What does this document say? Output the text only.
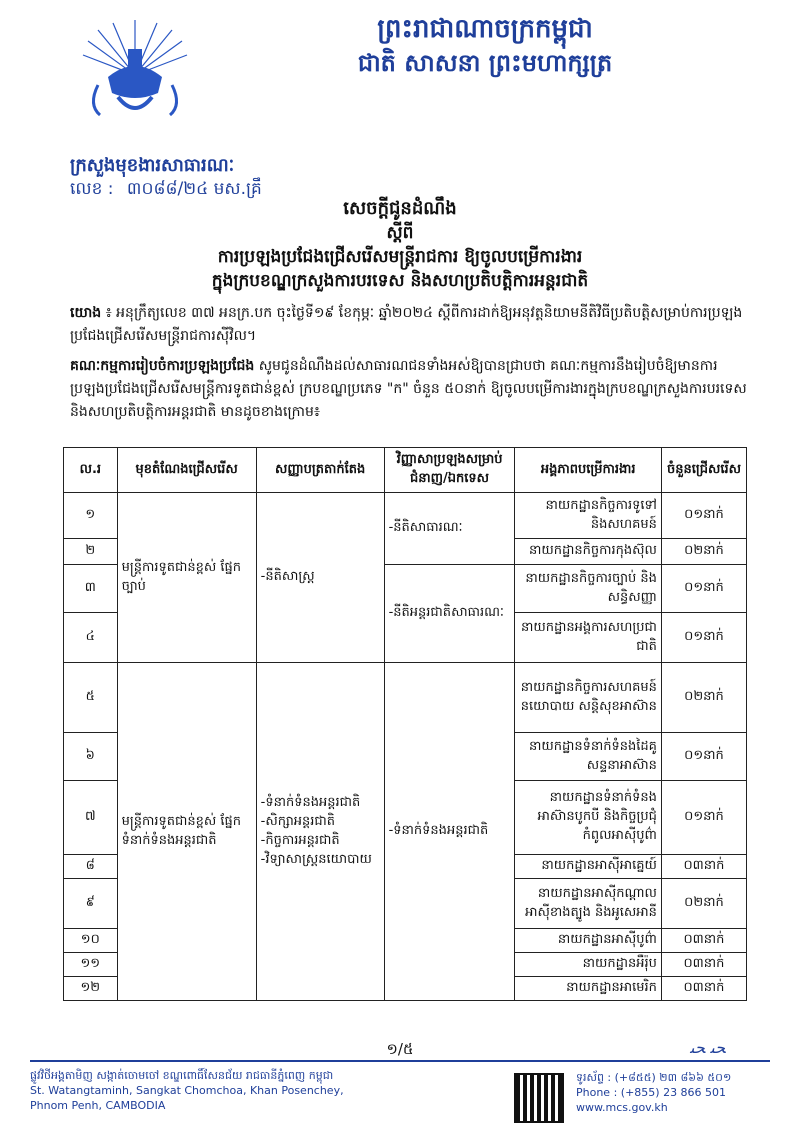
ព្រះរាជាណាចក្រកម្ពុជា
ជាតិ សាសនា ព្រះមហាក្សត្រ
ក្រសួងមុខងារសាធារណៈ
លេខ : ៣០៨៨/២៤ មស.គ្រឹ
សេចក្តីជូនដំណឹង
ស្តីពី
ការប្រឡងប្រជែងជ្រើសរើសមន្ត្រីរាជការ ឱ្យចូលបម្រើការងារ
ក្នុងក្របខណ្ឌក្រសួងការបរទេស និងសហប្រតិបត្តិការអន្តរជាតិ
យោង ៖ អនុក្រឹត្យលេខ ៣៧ អនក្រ.បក ចុះថ្ងៃទី១៩ ខែកុម្ភៈ ឆ្នាំ២០២៤ ស្តីពីការដាក់ឱ្យអនុវត្តនិយាមនីតិវិធីប្រតិបត្តិសម្រាប់ការប្រឡងប្រជែងជ្រើសរើសមន្ត្រីរាជការស៊ីវិល។
គណៈកម្មការរៀបចំការប្រឡងប្រជែង សូមជូនដំណឹងដល់សាធារណជនទាំងអស់ឱ្យបានជ្រាបថា គណៈកម្មការនឹងរៀបចំឱ្យមានការប្រឡងប្រជែងជ្រើសរើសមន្ត្រីការទូតជាន់ខ្ពស់ ក្របខណ្ឌប្រភេទ "ក" ចំនួន ៥០នាក់ ឱ្យចូលបម្រើការងារក្នុងក្របខណ្ឌក្រសួងការបរទេស និងសហប្រតិបត្តិការអន្តរជាតិ មានដូចខាងក្រោម៖
ល.រ	មុខតំណែងជ្រើសរើស	សញ្ញាបត្រតាក់តែង	វិញ្ញាសាប្រឡងសម្រាប់ជំនាញ/ឯកទេស	អង្គភាពបម្រើការងារ	ចំនួនជ្រើសរើស
១	មន្ត្រីការទូតជាន់ខ្ពស់ ផ្នែកច្បាប់	-នីតិសាស្ត្រ	-នីតិសាធារណៈ	នាយកដ្ឋានកិច្ចការទូទៅ និងសហគមន៍	០១នាក់
២				នាយកដ្ឋានកិច្ចការកុងស៊ុល	០២នាក់
៣			-នីតិអន្តរជាតិសាធារណៈ	នាយកដ្ឋានកិច្ចការច្បាប់ និងសន្ធិសញ្ញា	០១នាក់
៤				នាយកដ្ឋានអង្គការសហប្រជាជាតិ	០១នាក់
៥	មន្ត្រីការទូតជាន់ខ្ពស់ ផ្នែកទំនាក់ទំនងអន្តរជាតិ	-ទំនាក់ទំនងអន្តរជាតិ
-សិក្សាអន្តរជាតិ
-កិច្ចការអន្តរជាតិ
-វិទ្យាសាស្ត្រនយោបាយ	-ទំនាក់ទំនងអន្តរជាតិ	នាយកដ្ឋានកិច្ចការសហគមន៍នយោបាយ សន្តិសុខអាស៊ាន	០២នាក់
៦				នាយកដ្ឋានទំនាក់ទំនងដៃគូសន្ទនាអាស៊ាន	០១នាក់
៧				នាយកដ្ឋានទំនាក់ទំនងអាស៊ានបូកបី និងកិច្ចប្រជុំកំពូលអាស៊ីបូព៌ា	០១នាក់
៨				នាយកដ្ឋានអាស៊ីអាគ្នេយ៍	០៣នាក់
៩				នាយកដ្ឋានអាស៊ីកណ្តាល អាស៊ីខាងត្បូង និងអូសេអានី	០២នាក់
១០				នាយកដ្ឋានអាស៊ីបូព៌ា	០៣នាក់
១១				នាយកដ្ឋានអឺរ៉ុប	០៣នាក់
១២				នាយកដ្ឋានអាមេរិក	០៣នាក់
១/៥	ﺤﯩ ﺤﯩ
ផ្លូវវិថីអង្គតាមិញ សង្កាត់ចោមចៅ ខណ្ឌពោធិ៍សែនជ័យ រាជធានីភ្នំពេញ កម្ពុជា
St. Watangtaminh, Sangkat Chomchoa, Khan Posenchey,
Phnom Penh, CAMBODIA
ទូរស័ព្ទ : (+៨៥៥) ២៣ ៨៦៦ ៥០១
Phone : (+855) 23 866 501
www.mcs.gov.kh
